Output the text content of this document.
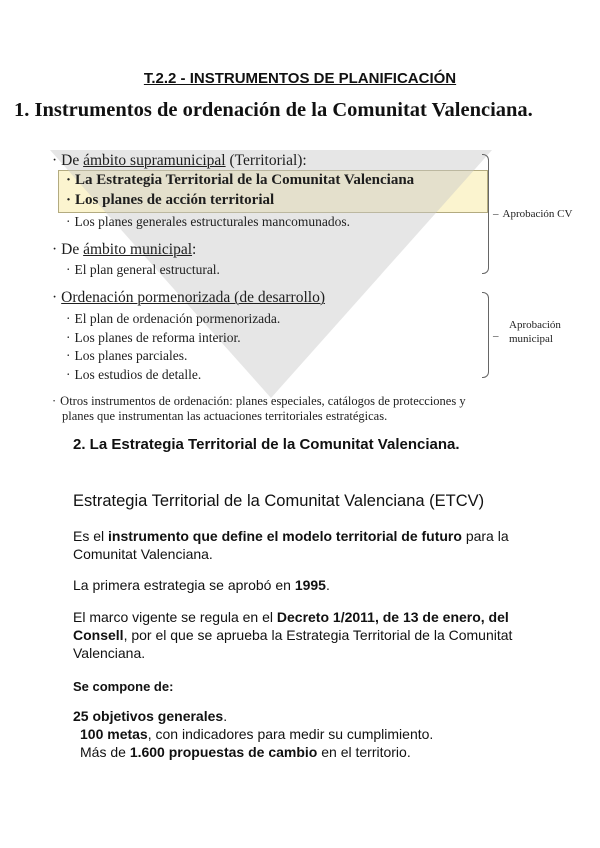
T.2.2 - INSTRUMENTOS DE PLANIFICACIÓN
1. Instrumentos de ordenación de la Comunitat Valenciana.

· De ámbito supramunicipal (Territorial):

· La Estrategia Territorial de la Comunitat Valenciana

· Los planes de acción territorial

· Los planes generales estructurales mancomunados.

· De ámbito municipal:

· El plan general estructural.

· Ordenación pormenorizada (de desarrollo)

· El plan de ordenación pormenorizada.

· Los planes de reforma interior.

· Los planes parciales.

· Los estudios de detalle.

· Otros instrumentos de ordenación: planes especiales, catálogos de protecciones y

planes que instrumentan las actuaciones territoriales estratégicas.

– Aprobación CV

–

Aprobación

municipal

2. La Estrategia Territorial de la Comunitat Valenciana.
Estrategia Territorial de la Comunitat Valenciana (ETCV)

Es el instrumento que define el modelo territorial de futuro para la Comunitat Valenciana.

La primera estrategia se aprobó en 1995.

El marco vigente se regula en el Decreto 1/2011, de 13 de enero, del Consell, por el que se aprueba la Estrategia Territorial de la Comunitat Valenciana.

Se compone de:

25 objetivos generales.

100 metas, con indicadores para medir su cumplimiento.

Más de 1.600 propuestas de cambio en el territorio.
